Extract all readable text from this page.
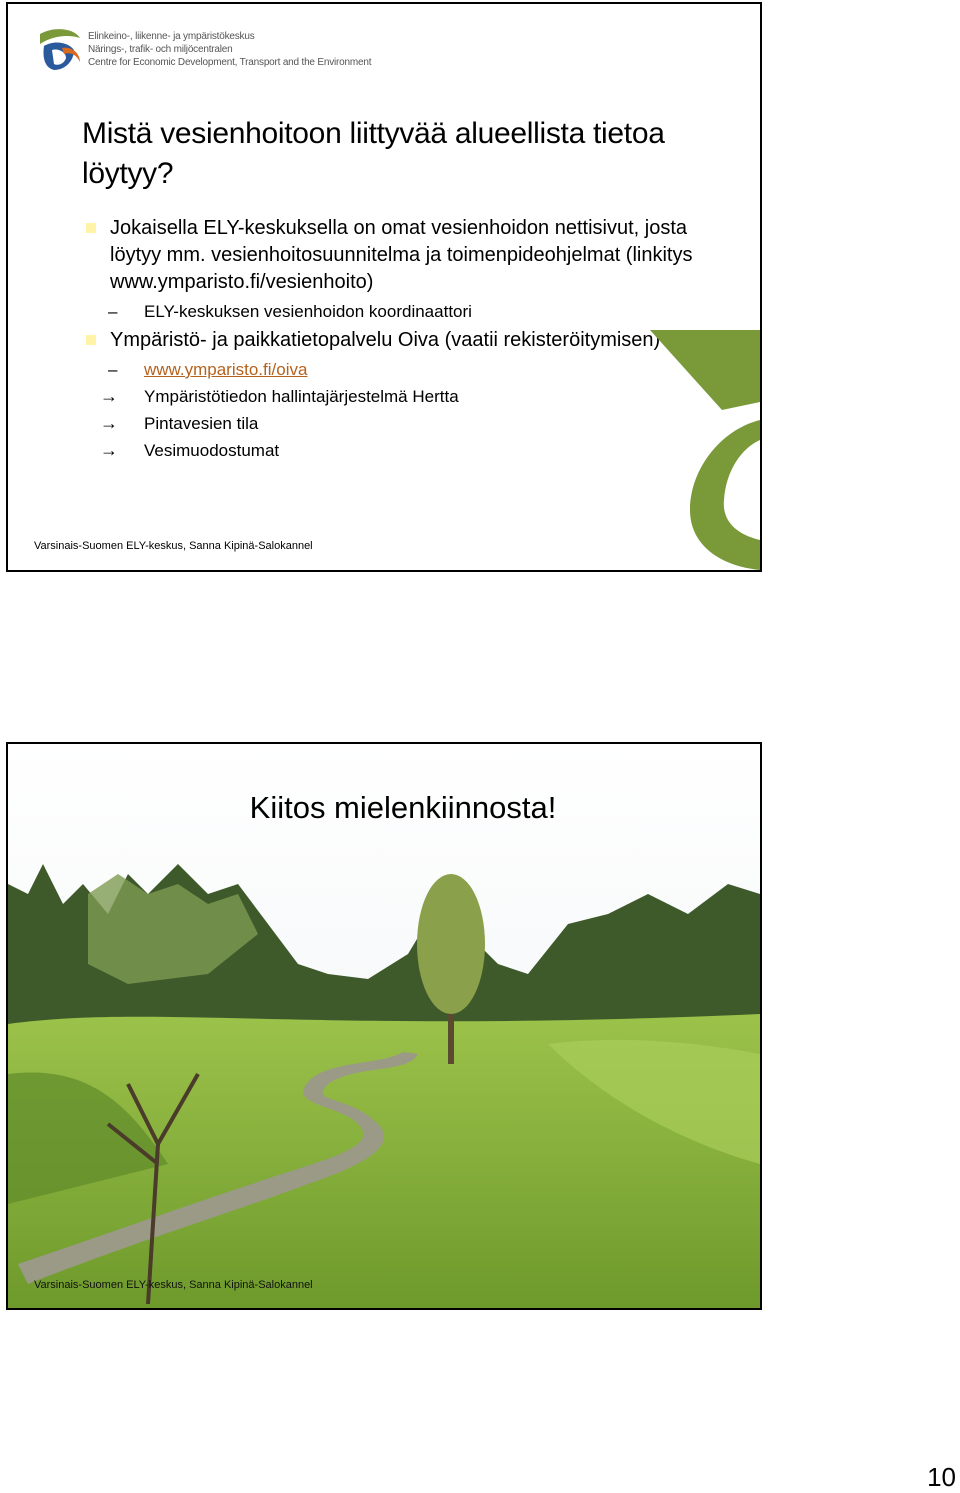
Elinkeino-, liikenne- ja ympäristökeskus
Närings-, trafik- och miljöcentralen
Centre for Economic Development, Transport and the Environment
Mistä vesienhoitoon liittyvää alueellista tietoa löytyy?
Jokaisella ELY-keskuksella on omat vesienhoidon nettisivut, josta löytyy mm. vesienhoitosuunnitelma ja toimenpideohjelmat (linkitys www.ymparisto.fi/vesienhoito)
– ELY-keskuksen vesienhoidon koordinaattori
Ympäristö- ja paikkatietopalvelu Oiva (vaatii rekisteröitymisen)
– www.ymparisto.fi/oiva
→ Ympäristötiedon hallintajärjestelmä Hertta
→ Pintavesien tila
→ Vesimuodostumat
Varsinais-Suomen ELY-keskus, Sanna Kipinä-Salokannel
Kiitos mielenkiinnosta!
Varsinais-Suomen ELY-keskus, Sanna Kipinä-Salokannel
10
